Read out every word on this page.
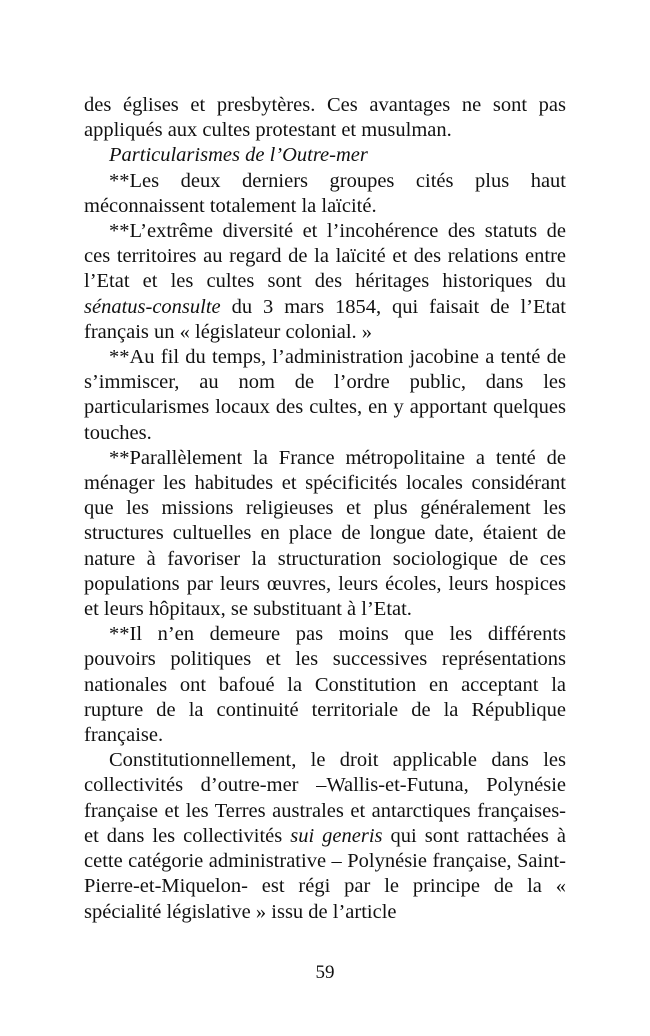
des églises et presbytères. Ces avantages ne sont pas appliqués aux cultes protestant et musulman.

Particularismes de l’Outre-mer

**Les deux derniers groupes cités plus haut méconnaissent totalement la laïcité.

**L’extrême diversité et l’incohérence des statuts de ces territoires au regard de la laïcité et des relations entre l’Etat et les cultes sont des héritages historiques du sénatus-consulte du 3 mars 1854, qui faisait de l’Etat français un « législateur colonial. »

**Au fil du temps, l’administration jacobine a tenté de s’immiscer, au nom de l’ordre public, dans les particularismes locaux des cultes, en y apportant quelques touches.

**Parallèlement la France métropolitaine a tenté de ménager les habitudes et spécificités locales considérant que les missions religieuses et plus généralement les structures cultuelles en place de longue date, étaient de nature à favoriser la structuration sociologique de ces populations par leurs œuvres, leurs écoles, leurs hospices et leurs hôpitaux, se substituant à l’Etat.

**Il n’en demeure pas moins que les différents pouvoirs politiques et les successives représentations nationales ont bafoué la Constitution en acceptant la rupture de la continuité territoriale de la République française.

Constitutionnellement, le droit applicable dans les collectivités d’outre-mer –Wallis-et-Futuna, Polynésie française et les Terres australes et antarctiques françaises- et dans les collectivités sui generis qui sont rattachées à cette catégorie administrative – Polynésie française, Saint-Pierre-et-Miquelon- est régi par le principe de la « spécialité législative » issu de l’article

59
